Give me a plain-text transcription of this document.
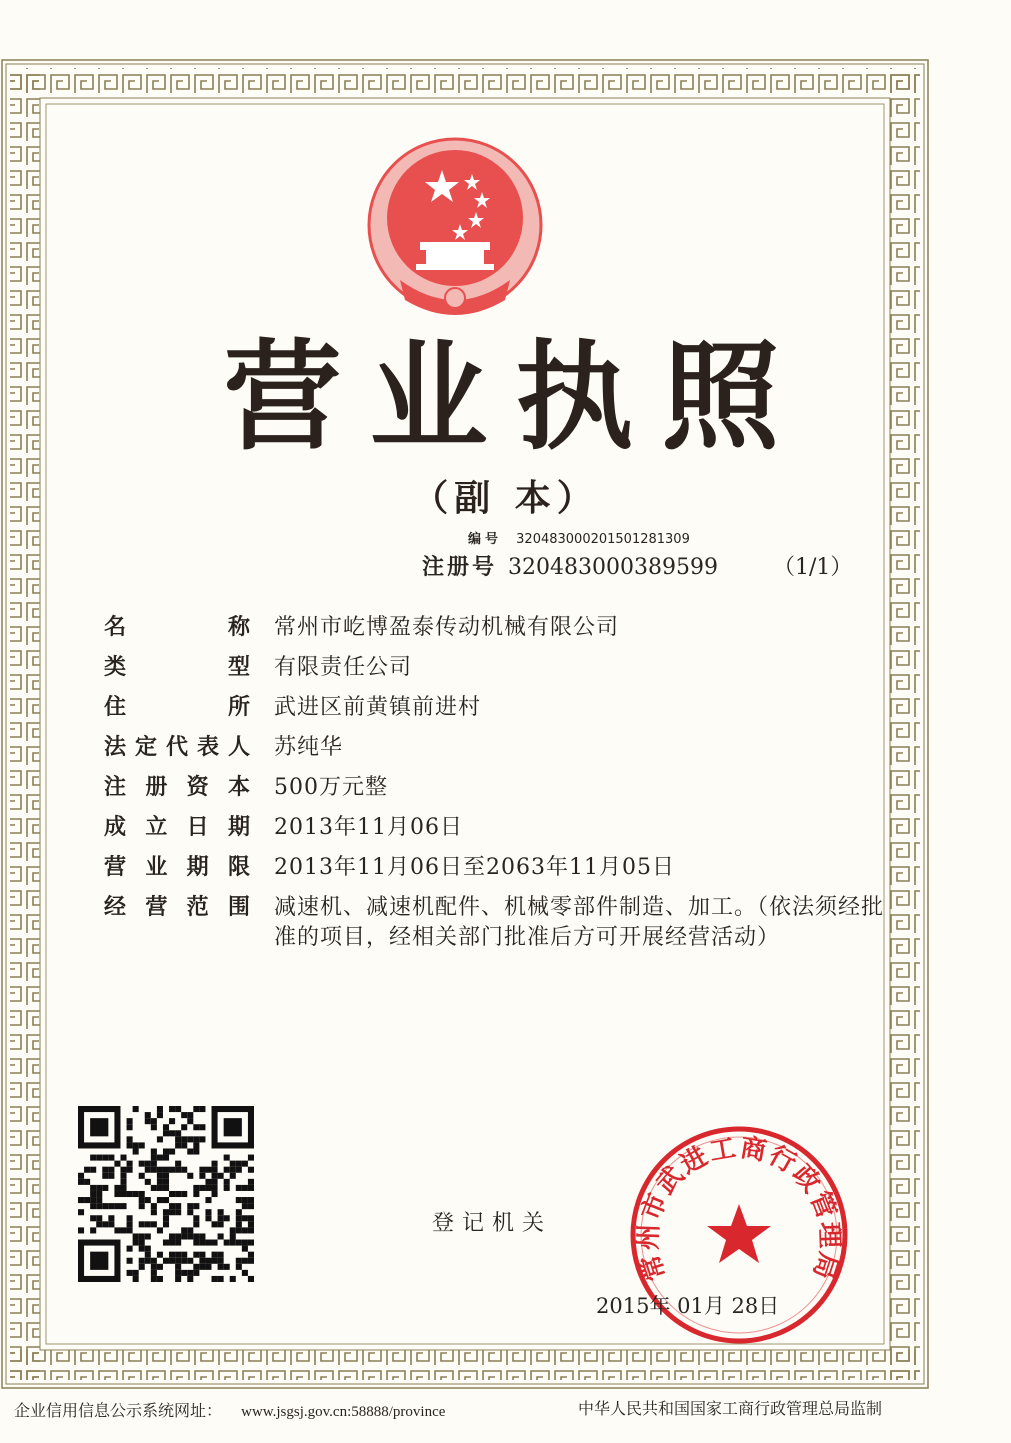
营业执照
（副 本）
编号 320483000201501281309
注册号 320483000389599	（1/1）
名	称 常州市屹博盈泰传动机械有限公司
类	型 有限责任公司
住	所 武进区前黄镇前进村
法 定 代 表 人 苏纯华
注 册 资 本 500万元整
成 立 日 期 2013年11月06日
营 业 期 限 2013年11月06日至2063年11月05日
经 营 范 围 减速机、减速机配件、机械零部件制造、加工。（依法须经批准的项目，经相关部门批准后方可开展经营活动）
登记机关
常州市武进工商行政管理局
2015年 01月 28日
企业信用信息公示系统网址： www.jsgsj.gov.cn:58888/province	中华人民共和国国家工商行政管理总局监制
